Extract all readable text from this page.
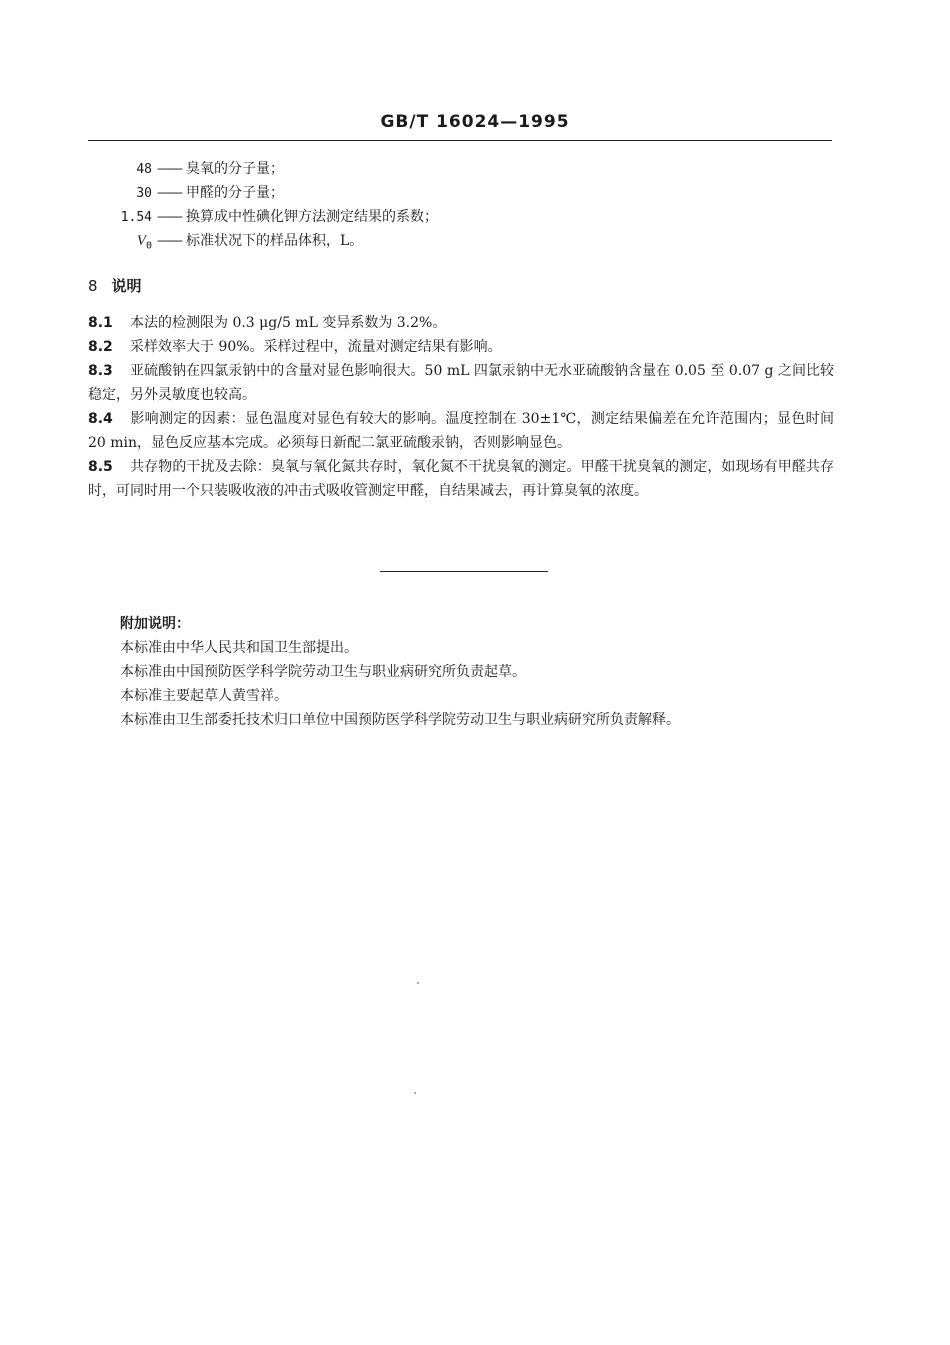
GB/T 16024—1995
48 —— 臭氧的分子量；
30 —— 甲醛的分子量；
1.54 —— 换算成中性碘化钾方法测定结果的系数；
$V_0$ —— 标准状况下的样品体积，L。
8 说明
8.1 本法的检测限为 0.3 μg/5 mL 变异系数为 3.2%。
8.2 采样效率大于 90%。采样过程中，流量对测定结果有影响。
8.3 亚硫酸钠在四氯汞钠中的含量对显色影响很大。50 mL 四氯汞钠中无水亚硫酸钠含量在 0.05 至 0.07 g 之间比较稳定，另外灵敏度也较高。
8.4 影响测定的因素：显色温度对显色有较大的影响。温度控制在 30±1℃，测定结果偏差在允许范围内；显色时间 20 min，显色反应基本完成。必须每日新配二氯亚硫酸汞钠，否则影响显色。
8.5 共存物的干扰及去除：臭氧与氧化氮共存时，氧化氮不干扰臭氧的测定。甲醛干扰臭氧的测定，如现场有甲醛共存时，可同时用一个只装吸收液的冲击式吸收管测定甲醛，自结果减去，再计算臭氧的浓度。
附加说明：
本标准由中华人民共和国卫生部提出。
本标准由中国预防医学科学院劳动卫生与职业病研究所负责起草。
本标准主要起草人黄雪祥。
本标准由卫生部委托技术归口单位中国预防医学科学院劳动卫生与职业病研究所负责解释。
